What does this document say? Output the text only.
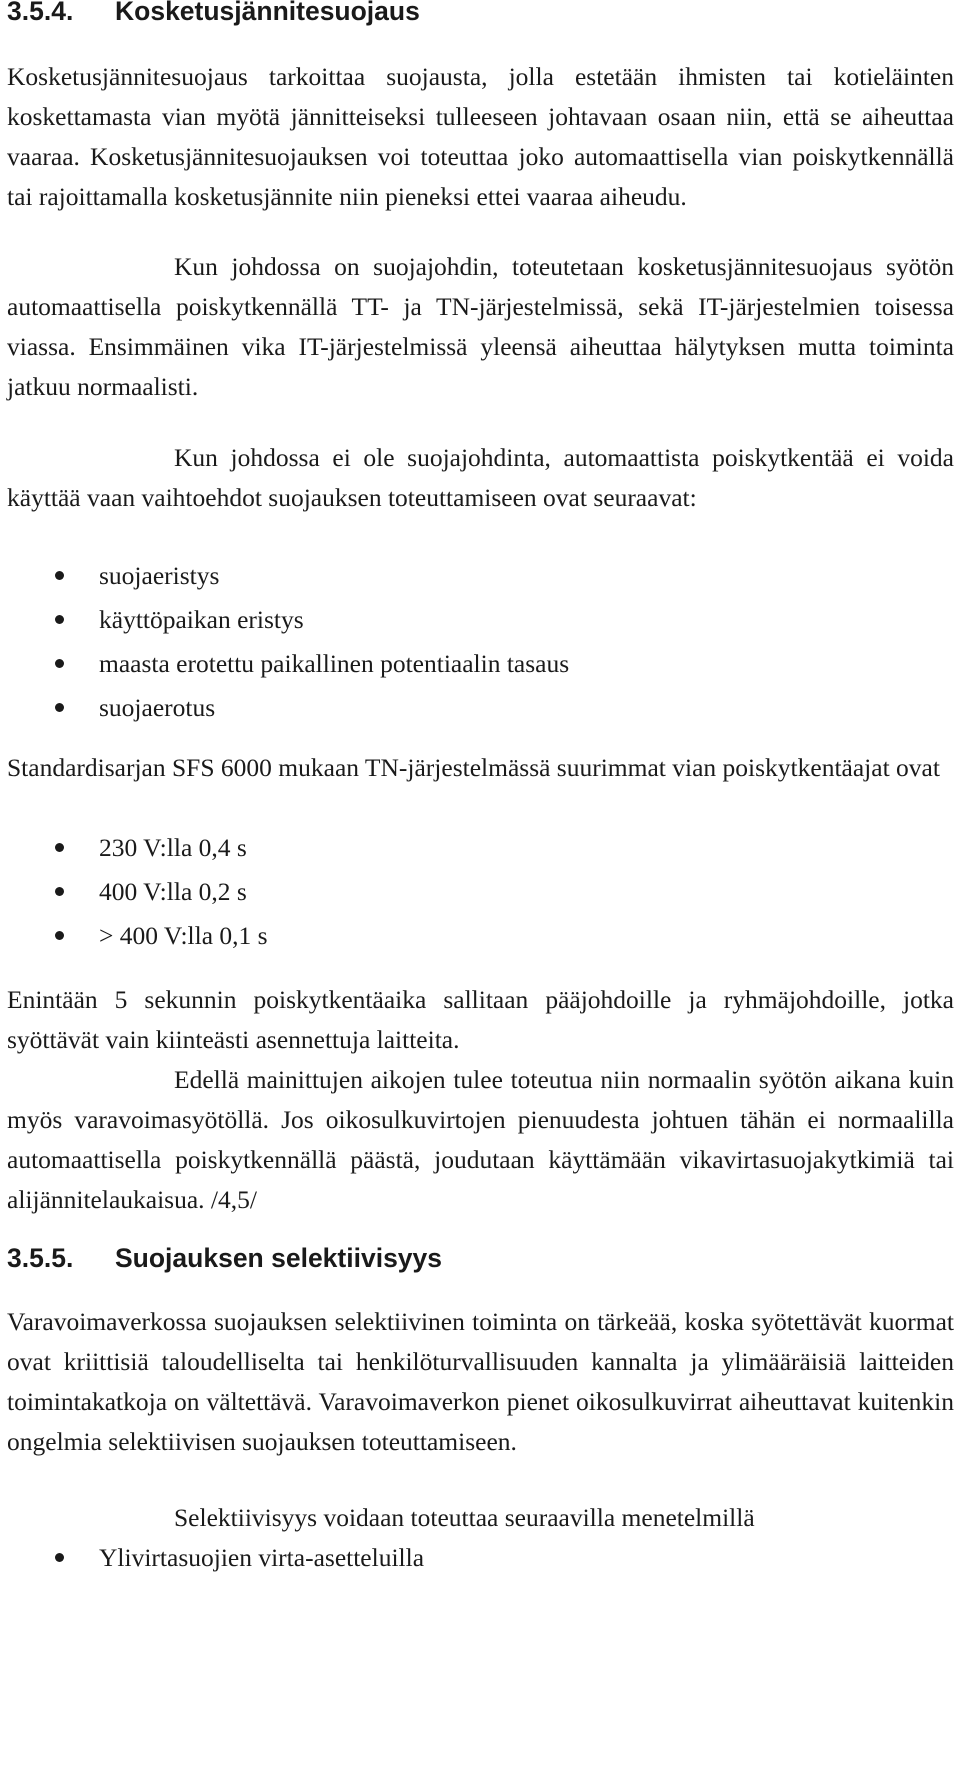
3.5.4. Kosketusjännitesuojaus

Kosketusjännitesuojaus tarkoittaa suojausta, jolla estetään ihmisten tai kotieläinten koskettamasta vian myötä jännitteiseksi tulleeseen johtavaan osaan niin, että se aiheuttaa vaaraa. Kosketusjännitesuojauksen voi toteuttaa joko automaattisella vian poiskytkennällä tai rajoittamalla kosketusjännite niin pieneksi ettei vaaraa aiheudu.

Kun johdossa on suojajohdin, toteutetaan kosketusjännitesuojaus syötön automaattisella poiskytkennällä TT- ja TN-järjestelmissä, sekä IT-järjestelmien toisessa viassa. Ensimmäinen vika IT-järjestelmissä yleensä aiheuttaa hälytyksen mutta toiminta jatkuu normaalisti.

Kun johdossa ei ole suojajohdinta, automaattista poiskytkentää ei voida käyttää vaan vaihtoehdot suojauksen toteuttamiseen ovat seuraavat:

suojaeristys
käyttöpaikan eristys
maasta erotettu paikallinen potentiaalin tasaus
suojaerotus

Standardisarjan SFS 6000 mukaan TN-järjestelmässä suurimmat vian poiskytkentäajat ovat

230 V:lla 0,4 s
400 V:lla 0,2 s
> 400 V:lla 0,1 s

Enintään 5 sekunnin poiskytkentäaika sallitaan pääjohdoille ja ryhmäjohdoille, jotka syöttävät vain kiinteästi asennettuja laitteita.

Edellä mainittujen aikojen tulee toteutua niin normaalin syötön aikana kuin myös varavoimasyötöllä. Jos oikosulkuvirtojen pienuudesta johtuen tähän ei normaalilla automaattisella poiskytkennällä päästä, joudutaan käyttämään vikavirtasuojakytkimiä tai alijännitelaukaisua. /4,5/

3.5.5. Suojauksen selektiivisyys

Varavoimaverkossa suojauksen selektiivinen toiminta on tärkeää, koska syötettävät kuormat ovat kriittisiä taloudelliselta tai henkilöturvallisuuden kannalta ja ylimääräisiä laitteiden toimintakatkoja on vältettävä. Varavoimaverkon pienet oikosulkuvirrat aiheuttavat kuitenkin ongelmia selektiivisen suojauksen toteuttamiseen.

Selektiivisyys voidaan toteuttaa seuraavilla menetelmillä

Ylivirtasuojien virta-asetteluilla
